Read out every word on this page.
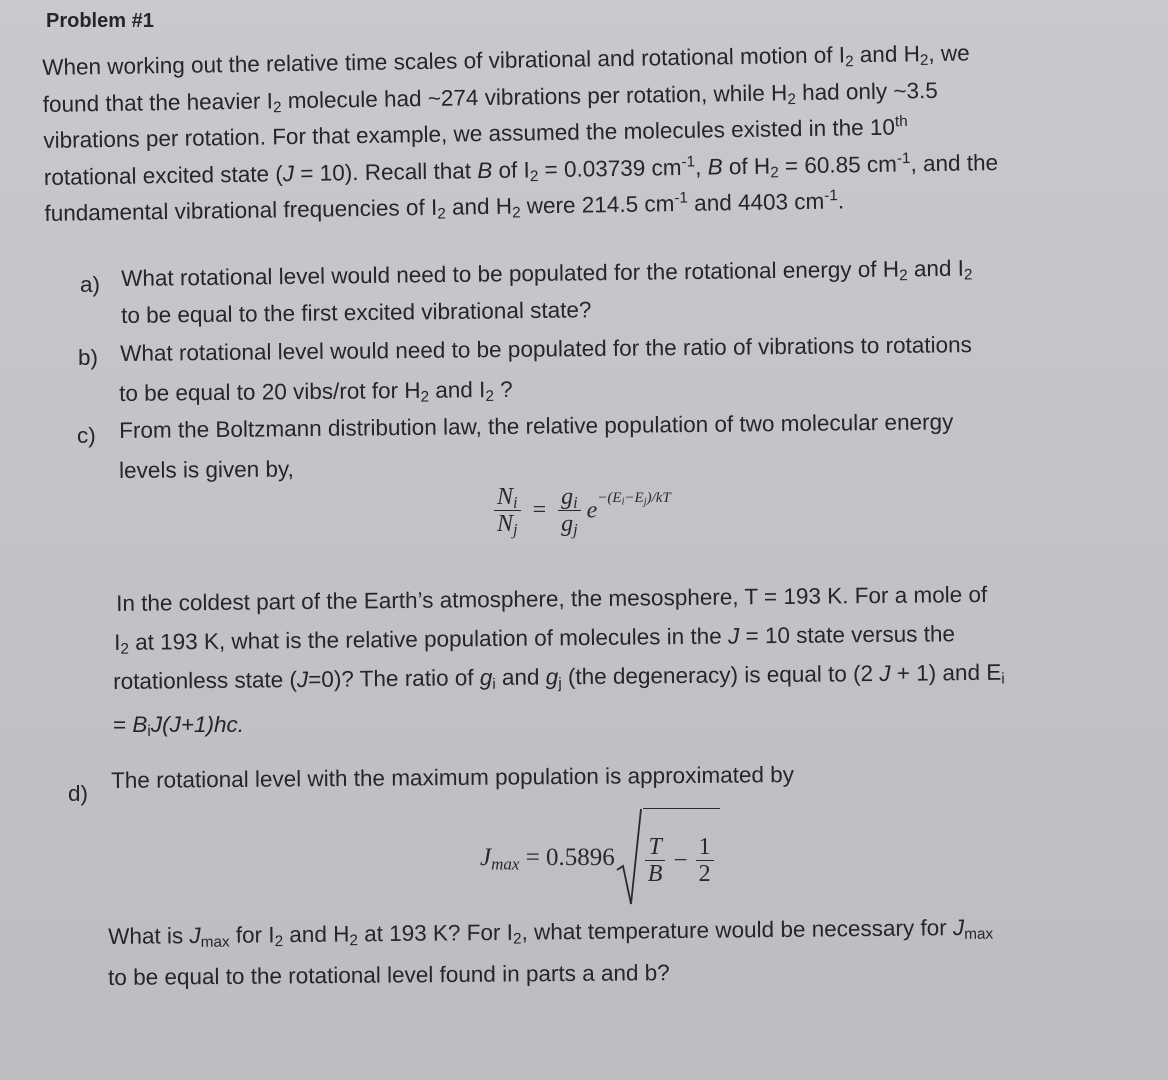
Problem #1
When working out the relative time scales of vibrational and rotational motion of $I_2$ and $H_2$, we
found that the heavier $I_2$ molecule had ~274 vibrations per rotation, while $H_2$ had only ~3.5
vibrations per rotation. For that example, we assumed the molecules existed in the 10th
rotational excited state (J = 10). Recall that B of $I_2 = 0.03739$ $cm^{-1}$, B of $H_2 = 60.85$ $cm^{-1}$, and the
fundamental vibrational frequencies of $I_2$ and $H_2$ were 214.5 $cm^{-1}$ and 4403 $cm^{-1}$.
a) What rotational level would need to be populated for the rotational energy of $H_2$ and $I_2$
to be equal to the first excited vibrational state?
b) What rotational level would need to be populated for the ratio of vibrations to rotations
to be equal to 20 vibs/rot for $H_2$ and $I_2$ ?
c) From the Boltzmann distribution law, the relative population of two molecular energy
levels is given by,
$\frac{N_i}{N_j} = \frac{g_i}{g_j} e-(E_i-E_j)/kT$
In the coldest part of the Earth’s atmosphere, the mesosphere, T = 193 K. For a mole of
$I_2$ at 193 K, what is the relative population of molecules in the J = 10 state versus the
rotationless state (J=0)? The ratio of $g_i$ and $g_j$ (the degeneracy) is equal to (2 J + 1) and $E_i$
= $B_iJ(J+1)hc$.
d)
The rotational level with the maximum population is approximated by
$J_{max} = 0.5896 \frac{T}{B} - \frac{1}{2}$
What is $J_{max}$ for $I_2$ and $H_2$ at 193 K? For $I_2$, what temperature would be necessary for $J_{max}$
to be equal to the rotational level found in parts a and b?
